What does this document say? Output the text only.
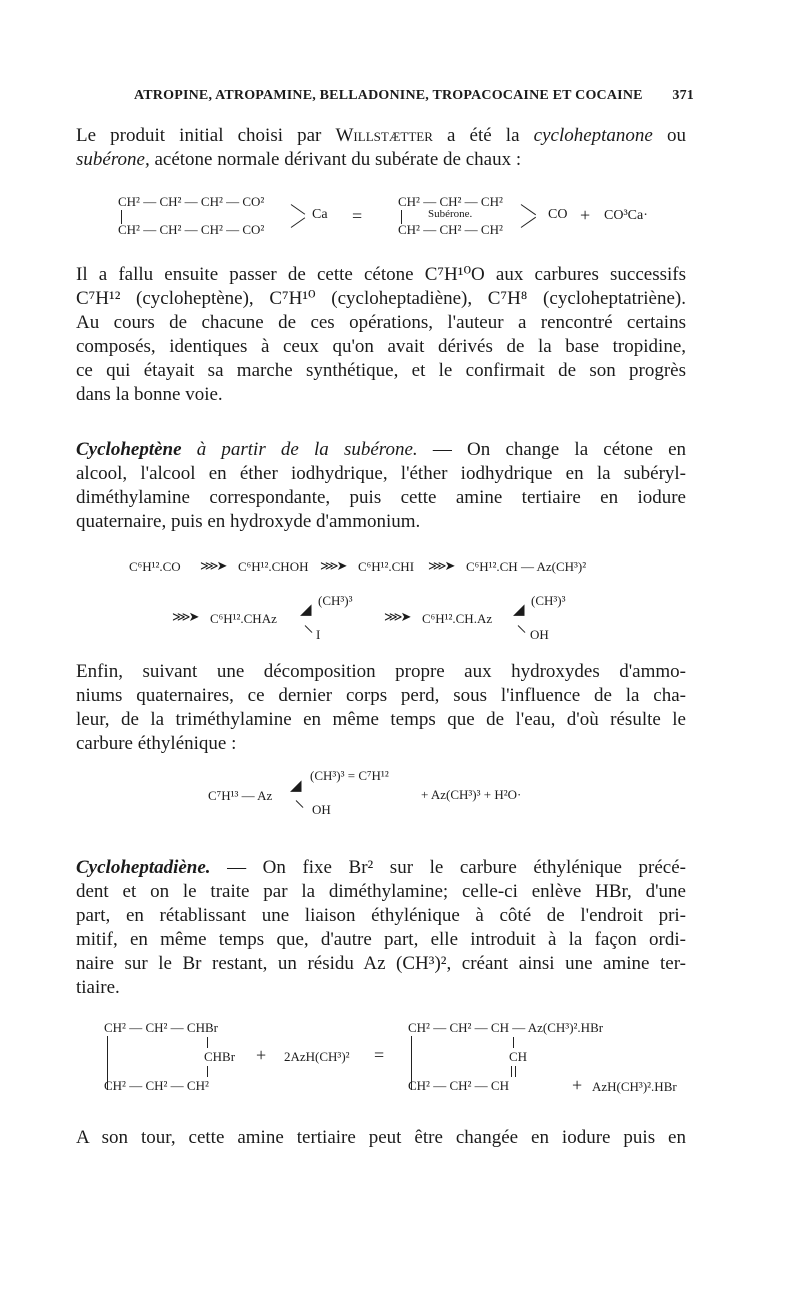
ATROPINE, ATROPAMINE, BELLADONINE, TROPACOCAINE ET COCAINE 371

Le produit initial choisi par Willstætter a été la cycloheptanone ou

subérone, acétone normale dérivant du subérate de chaux :

CH² — CH² — CH² — CO²
CH² — CH² — CH² — CO²
Ca =
CH² — CH² — CH²
Subérone.
CH² — CH² — CH²
CO + CO³Ca·

Il a fallu ensuite passer de cette cétone C⁷H¹⁰O aux carbures successifs

C⁷H¹² (cycloheptène), C⁷H¹⁰ (cycloheptadiène), C⁷H⁸ (cycloheptatriène).

Au cours de chacune de ces opérations, l'auteur a rencontré certains

composés, identiques à ceux qu'on avait dérivés de la base tropidine,

ce qui étayait sa marche synthétique, et le confirmait de son progrès

dans la bonne voie.

Cycloheptène à partir de la subérone. — On change la cétone en

alcool, l'alcool en éther iodhydrique, l'éther iodhydrique en la subéryl-

diméthylamine correspondante, puis cette amine tertiaire en iodure

quaternaire, puis en hydroxyde d'ammonium.

C⁶H¹².CO ⋙➤ C⁶H¹².CHOH ⋙➤ C⁶H¹².CHI ⋙➤ C⁶H¹².CH — Az(CH³)²
⋙➤ C⁶H¹².CHAz
◢
(CH³)³
I
⋙➤ C⁶H¹².CH.Az
◢
(CH³)³
OH

Enfin, suivant une décomposition propre aux hydroxydes d'ammo-

niums quaternaires, ce dernier corps perd, sous l'influence de la cha-

leur, de la triméthylamine en même temps que de l'eau, d'où résulte le

carbure éthylénique :

C⁷H¹³ — Az
◢
(CH³)³ = C⁷H¹²
OH
+ Az(CH³)³ + H²O·

Cycloheptadiène. — On fixe Br² sur le carbure éthylénique précé-

dent et on le traite par la diméthylamine; celle-ci enlève HBr, d'une

part, en rétablissant une liaison éthylénique à côté de l'endroit pri-

mitif, en même temps que, d'autre part, elle introduit à la façon ordi-

naire sur le Br restant, un résidu Az (CH³)², créant ainsi une amine ter-

tiaire.

CH² — CH² — CHBr
CHBr
CH² — CH² — CH²
+ 2AzH(CH³)² =
CH² — CH² — CH — Az(CH³)².HBr
CH
CH² — CH² — CH	+ AzH(CH³)².HBr

A son tour, cette amine tertiaire peut être changée en iodure puis en
